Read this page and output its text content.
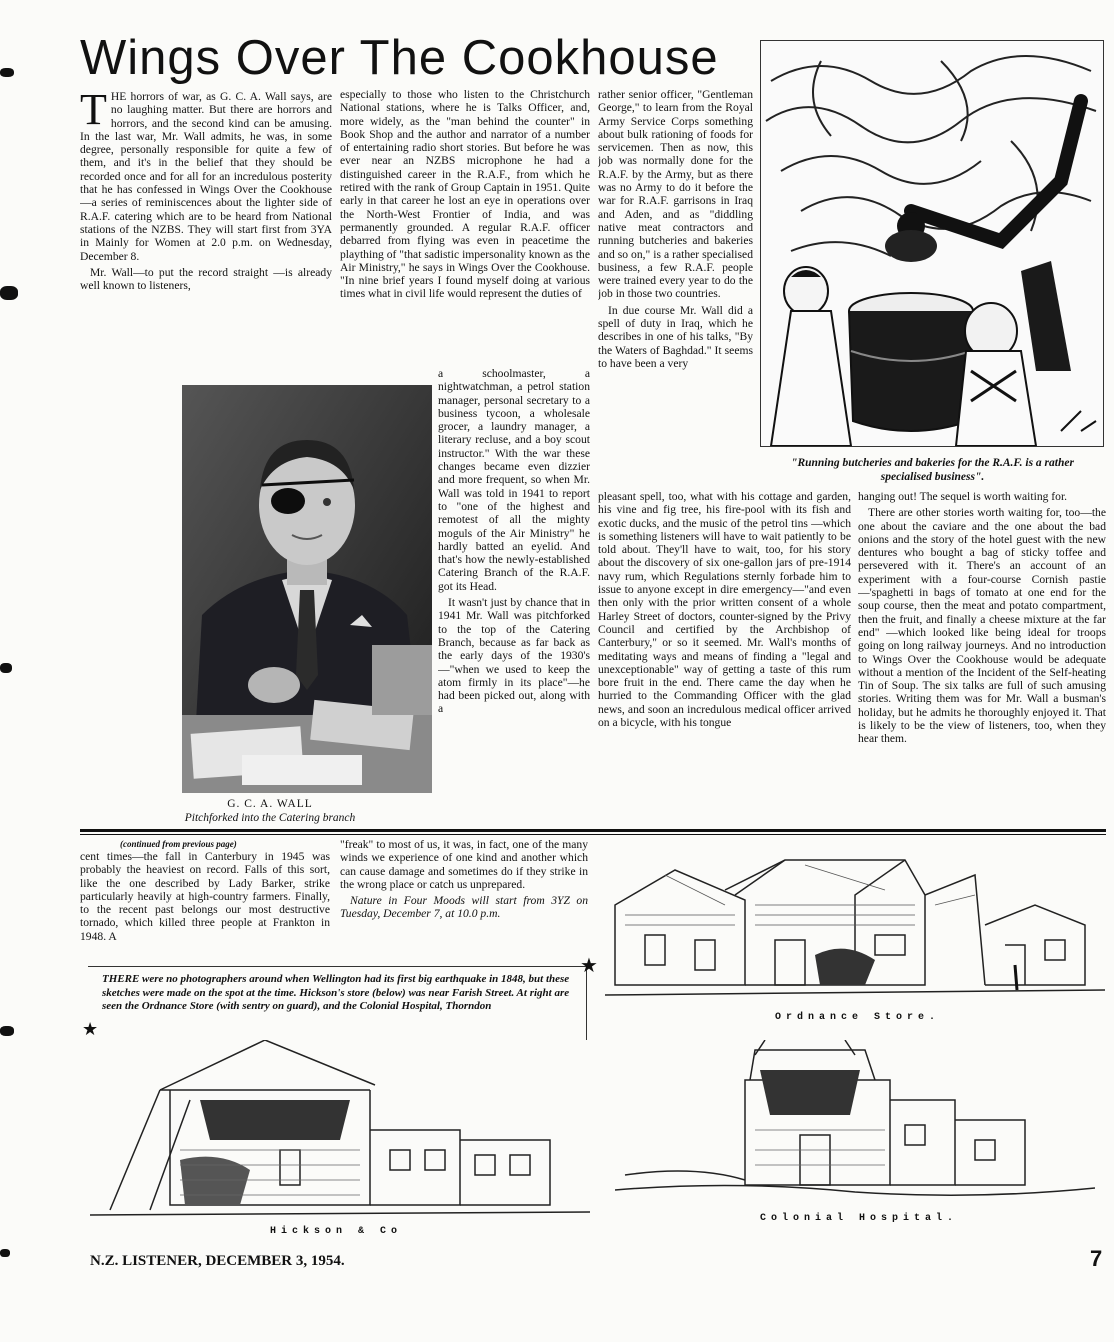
Wings Over The Cookhouse

THE horrors of war, as G. C. A. Wall says, are no laughing matter. But there are horrors and horrors, and the second kind can be amusing. In the last war, Mr. Wall admits, he was, in some degree, personally responsible for quite a few of them, and it's in the belief that they should be recorded once and for all for an incredulous posterity that he has confessed in Wings Over the Cookhouse—a series of reminiscences about the lighter side of R.A.F. catering which are to be heard from National stations of the NZBS. They will start first from 3YA in Mainly for Women at 2.0 p.m. on Wednesday, December 8.

Mr. Wall—to put the record straight —is already well known to listeners,

especially to those who listen to the Christchurch National stations, where he is Talks Officer, and, more widely, as the "man behind the counter" in Book Shop and the author and narrator of a number of entertaining radio short stories. But before he was ever near an NZBS microphone he had a distinguished career in the R.A.F., from which he retired with the rank of Group Captain in 1951. Quite early in that career he lost an eye in operations over the North-West Frontier of India, and was permanently grounded. A regular R.A.F. officer debarred from flying was even in peacetime the plaything of "that sadistic impersonality known as the Air Ministry," he says in Wings Over the Cookhouse. "In nine brief years I found myself doing at various times what in civil life would represent the duties of

G. C. A. WALL
Pitchforked into the Catering branch

a schoolmaster, a nightwatchman, a petrol station manager, personal secretary to a business tycoon, a wholesale grocer, a laundry manager, a literary recluse, and a boy scout instructor." With the war these changes became even dizzier and more frequent, so when Mr. Wall was told in 1941 to report to "one of the highest and remotest of all the mighty moguls of the Air Ministry" he hardly batted an eyelid. And that's how the newly-established Catering Branch of the R.A.F. got its Head.

It wasn't just by chance that in 1941 Mr. Wall was pitchforked to the top of the Catering Branch, because as far back as the early days of the 1930's—"when we used to keep the atom firmly in its place"—he had been picked out, along with a

rather senior officer, "Gentleman George," to learn from the Royal Army Service Corps something about bulk rationing of foods for servicemen. Then as now, this job was normally done for the R.A.F. by the Army, but as there was no Army to do it before the war for R.A.F. garrisons in Iraq and Aden, and as "diddling native meat contractors and running butcheries and bakeries and so on," is a rather specialised business, a few R.A.F. people were trained every year to do the job in those two countries.

In due course Mr. Wall did a spell of duty in Iraq, which he describes in one of his talks, "By the Waters of Baghdad." It seems to have been a very

"Running butcheries and bakeries for the R.A.F. is a rather specialised business".

pleasant spell, too, what with his cottage and garden, his vine and fig tree, his fire-pool with its fish and exotic ducks, and the music of the petrol tins —which is something listeners will have to wait patiently to be told about. They'll have to wait, too, for his story about the discovery of six one-gallon jars of pre-1914 navy rum, which Regulations sternly forbade him to issue to anyone except in dire emergency—"and even then only with the prior written consent of a whole Harley Street of doctors, counter-signed by the Privy Council and certified by the Archbishop of Canterbury," or so it seemed. Mr. Wall's months of meditating ways and means of finding a "legal and unexceptionable" way of getting a taste of this rum bore fruit in the end. There came the day when he hurried to the Commanding Officer with the glad news, and soon an incredulous medical officer arrived on a bicycle, with his tongue

hanging out! The sequel is worth waiting for.

There are other stories worth waiting for, too—the one about the caviare and the one about the bad onions and the story of the hotel guest with the new dentures who bought a bag of sticky toffee and persevered with it. There's an account of an experiment with a four-course Cornish pastie—'spaghetti in bags of tomato at one end for the soup course, then the meat and potato compartment, then the fruit, and finally a cheese mixture at the far end" —which looked like being ideal for troops going on long railway journeys. And no introduction to Wings Over the Cookhouse would be adequate without a mention of the Incident of the Self-heating Tin of Soup. The six talks are full of such amusing stories. Writing them was for Mr. Wall a busman's holiday, but he admits he thoroughly enjoyed it. That is likely to be the view of listeners, too, when they hear them.

(continued from previous page)

cent times—the fall in Canterbury in 1945 was probably the heaviest on record. Falls of this sort, like the one described by Lady Barker, strike particularly heavily at high-country farmers. Finally, to the recent past belongs our most destructive tornado, which killed three people at Frankton in 1948. A

"freak" to most of us, it was, in fact, one of the many winds we experience of one kind and another which can cause damage and sometimes do if they strike in the wrong place or catch us unprepared.

Nature in Four Moods will start from 3YZ on Tuesday, December 7, at 10.0 p.m.

THERE were no photographers around when Wellington had its first big earthquake in 1848, but these sketches were made on the spot at the time. Hickson's store (below) was near Farish Street. At right are seen the Ordnance Store (with sentry on guard), and the Colonial Hospital, Thorndon
★
★
Ordnance Store.
Hickson & Co
Colonial Hospital.
N.Z. LISTENER, DECEMBER 3, 1954.	7
